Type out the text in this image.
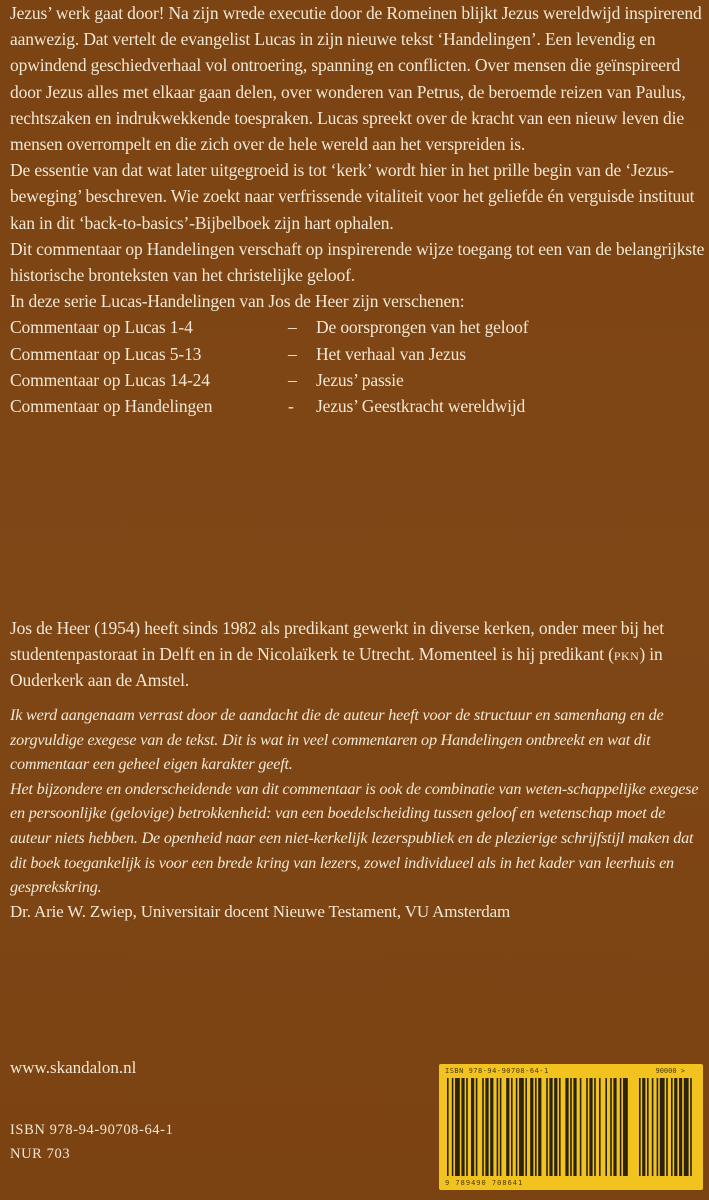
Jezus’ werk gaat door! Na zijn wrede executie door de Romeinen blijkt Jezus wereldwijd inspirerend aanwezig. Dat vertelt de evangelist Lucas in zijn nieuwe tekst ‘Handelingen’. Een levendig en opwindend geschiedverhaal vol ontroering, spanning en conflicten. Over mensen die geïnspireerd door Jezus alles met elkaar gaan delen, over wonderen van Petrus, de beroemde reizen van Paulus, rechtszaken en indrukwekkende toespraken. Lucas spreekt over de kracht van een nieuw leven die mensen overrompelt en die zich over de hele wereld aan het verspreiden is.

De essentie van dat wat later uitgegroeid is tot ‘kerk’ wordt hier in het prille begin van de ‘Jezus-beweging’ beschreven. Wie zoekt naar verfrissende vitaliteit voor het geliefde én verguisde instituut kan in dit ‘back-to-basics’-Bijbelboek zijn hart ophalen.

Dit commentaar op Handelingen verschaft op inspirerende wijze toegang tot een van de belangrijkste historische bronteksten van het christelijke geloof.

In deze serie Lucas-Handelingen van Jos de Heer zijn verschenen:

Commentaar op Lucas 1-4	–	De oorsprongen van het geloof
Commentaar op Lucas 5-13	–	Het verhaal van Jezus
Commentaar op Lucas 14-24	–	Jezus’ passie
Commentaar op Handelingen	-	Jezus’ Geestkracht wereldwijd

Jos de Heer (1954) heeft sinds 1982 als predikant gewerkt in diverse kerken, onder meer bij het studentenpastoraat in Delft en in de Nicolaïkerk te Utrecht. Momenteel is hij predikant (pkn) in Ouderkerk aan de Amstel.

Ik werd aangenaam verrast door de aandacht die de auteur heeft voor de structuur en samenhang en de zorgvuldige exegese van de tekst. Dit is wat in veel commentaren op Handelingen ontbreekt en wat dit commentaar een geheel eigen karakter geeft.

Het bijzondere en onderscheidende van dit commentaar is ook de combinatie van weten-schappelijke exegese en persoonlijke (gelovige) betrokkenheid: van een boedelscheiding tussen geloof en wetenschap moet de auteur niets hebben. De openheid naar een niet-kerkelijk lezerspubliek en de plezierige schrijfstijl maken dat dit boek toegankelijk is voor een brede kring van lezers, zowel individueel als in het kader van leerhuis en gesprekskring.

Dr. Arie W. Zwiep, Universitair docent Nieuwe Testament, VU Amsterdam

www.skandalon.nl
ISBN 978-94-90708-64-1
NUR 703
ISBN 978-94-90708-64-1	90000 >
9 789490 708641
